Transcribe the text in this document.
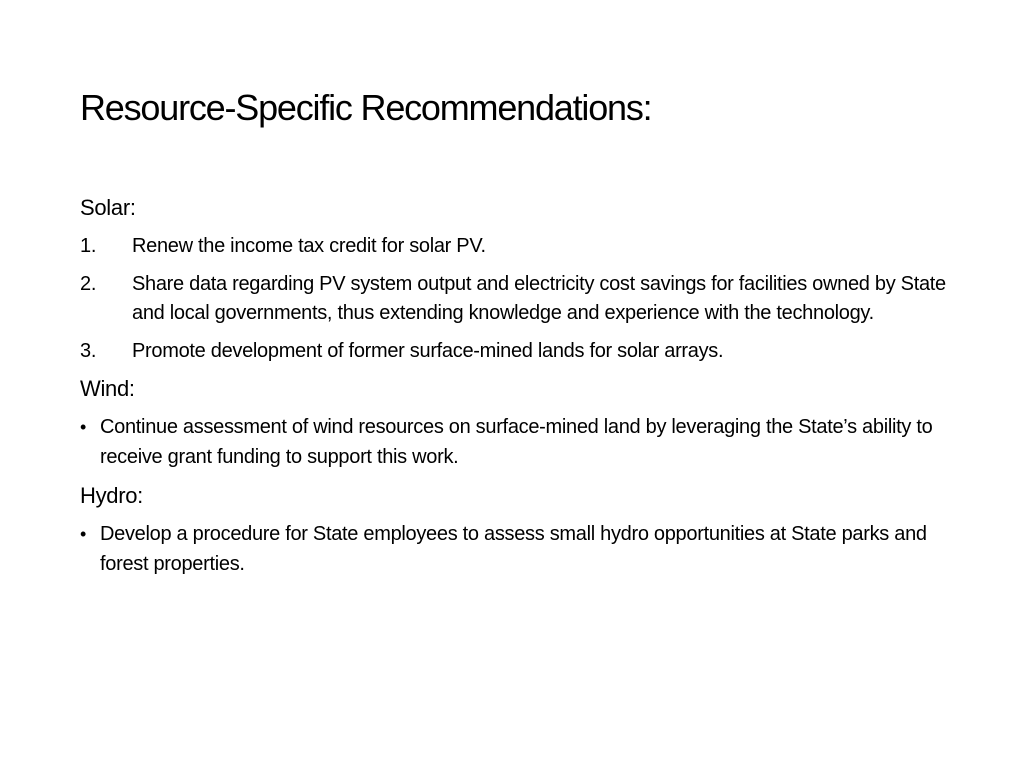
Resource-Specific Recommendations:
Solar:
1.	Renew the income tax credit for solar PV.
2.	Share data regarding PV system output and electricity cost savings for facilities owned by State and local governments, thus extending knowledge and experience with the technology.
3.	Promote development of former surface-mined lands for solar arrays.
Wind:
• Continue assessment of wind resources on surface-mined land by leveraging the State’s ability to receive grant funding to support this work.
Hydro:
• Develop a procedure for State employees to assess small hydro opportunities at State parks and forest properties.
